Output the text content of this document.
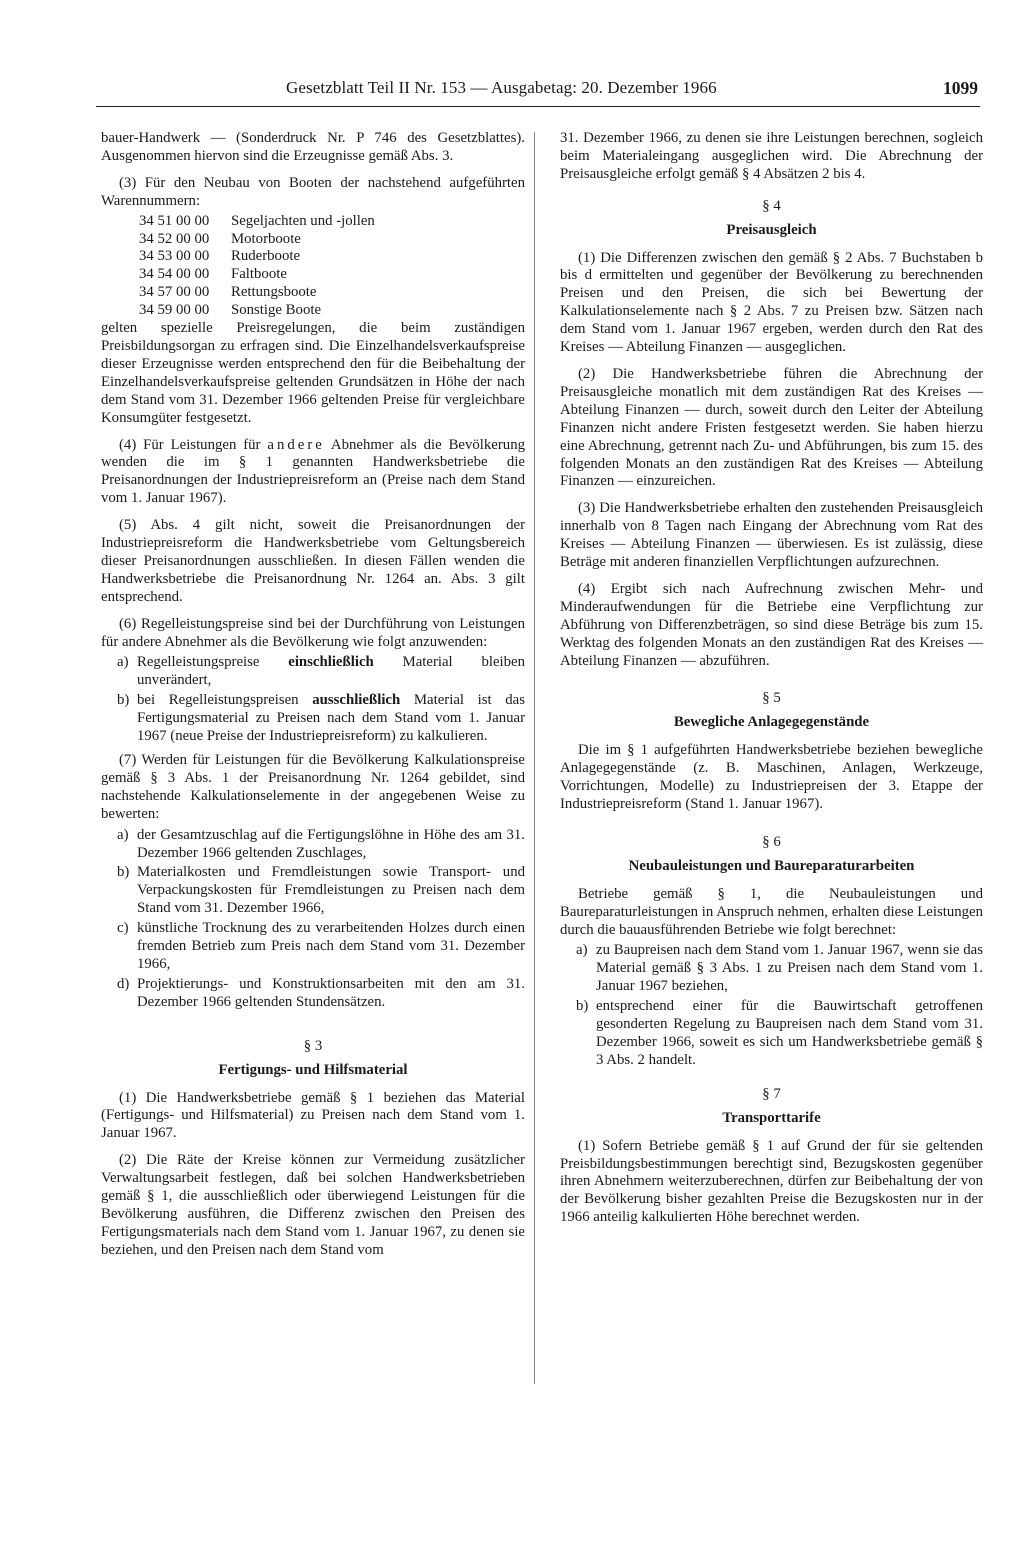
Gesetzblatt Teil II Nr. 153 — Ausgabetag: 20. Dezember 1966	1099

bauer-Handwerk — (Sonderdruck Nr. P 746 des Gesetzblattes). Ausgenommen hiervon sind die Erzeugnisse gemäß Abs. 3.

(3) Für den Neubau von Booten der nachstehend aufgeführten Warennummern:

34 51 00 00	Segeljachten und -jollen
34 52 00 00	Motorboote
34 53 00 00	Ruderboote
34 54 00 00	Faltboote
34 57 00 00	Rettungsboote
34 59 00 00	Sonstige Boote

gelten spezielle Preisregelungen, die beim zuständigen Preisbildungsorgan zu erfragen sind. Die Einzelhandelsverkaufspreise dieser Erzeugnisse werden entsprechend den für die Beibehaltung der Einzelhandelsverkaufspreise geltenden Grundsätzen in Höhe der nach dem Stand vom 31. Dezember 1966 geltenden Preise für vergleichbare Konsumgüter festgesetzt.

(4) Für Leistungen für andere Abnehmer als die Bevölkerung wenden die im § 1 genannten Handwerksbetriebe die Preisanordnungen der Industriepreisreform an (Preise nach dem Stand vom 1. Januar 1967).

(5) Abs. 4 gilt nicht, soweit die Preisanordnungen der Industriepreisreform die Handwerksbetriebe vom Geltungsbereich dieser Preisanordnungen ausschließen. In diesen Fällen wenden die Handwerksbetriebe die Preisanordnung Nr. 1264 an. Abs. 3 gilt entsprechend.

(6) Regelleistungspreise sind bei der Durchführung von Leistungen für andere Abnehmer als die Bevölkerung wie folgt anzuwenden:

a) Regelleistungspreise einschließlich Material bleiben unverändert,
b) bei Regelleistungspreisen ausschließlich Material ist das Fertigungsmaterial zu Preisen nach dem Stand vom 1. Januar 1967 (neue Preise der Industriepreisreform) zu kalkulieren.

(7) Werden für Leistungen für die Bevölkerung Kalkulationspreise gemäß § 3 Abs. 1 der Preisanordnung Nr. 1264 gebildet, sind nachstehende Kalkulationselemente in der angegebenen Weise zu bewerten:

a) der Gesamtzuschlag auf die Fertigungslöhne in Höhe des am 31. Dezember 1966 geltenden Zuschlages,
b) Materialkosten und Fremdleistungen sowie Transport- und Verpackungskosten für Fremdleistungen zu Preisen nach dem Stand vom 31. Dezember 1966,
c) künstliche Trocknung des zu verarbeitenden Holzes durch einen fremden Betrieb zum Preis nach dem Stand vom 31. Dezember 1966,
d) Projektierungs- und Konstruktionsarbeiten mit den am 31. Dezember 1966 geltenden Stundensätzen.
§ 3
Fertigungs- und Hilfsmaterial

(1) Die Handwerksbetriebe gemäß § 1 beziehen das Material (Fertigungs- und Hilfsmaterial) zu Preisen nach dem Stand vom 1. Januar 1967.

(2) Die Räte der Kreise können zur Vermeidung zusätzlicher Verwaltungsarbeit festlegen, daß bei solchen Handwerksbetrieben gemäß § 1, die ausschließlich oder überwiegend Leistungen für die Bevölkerung ausführen, die Differenz zwischen den Preisen des Fertigungsmaterials nach dem Stand vom 1. Januar 1967, zu denen sie beziehen, und den Preisen nach dem Stand vom

31. Dezember 1966, zu denen sie ihre Leistungen berechnen, sogleich beim Materialeingang ausgeglichen wird. Die Abrechnung der Preisausgleiche erfolgt gemäß § 4 Absätzen 2 bis 4.

§ 4
Preisausgleich

(1) Die Differenzen zwischen den gemäß § 2 Abs. 7 Buchstaben b bis d ermittelten und gegenüber der Bevölkerung zu berechnenden Preisen und den Preisen, die sich bei Bewertung der Kalkulationselemente nach § 2 Abs. 7 zu Preisen bzw. Sätzen nach dem Stand vom 1. Januar 1967 ergeben, werden durch den Rat des Kreises — Abteilung Finanzen — ausgeglichen.

(2) Die Handwerksbetriebe führen die Abrechnung der Preisausgleiche monatlich mit dem zuständigen Rat des Kreises — Abteilung Finanzen — durch, soweit durch den Leiter der Abteilung Finanzen nicht andere Fristen festgesetzt werden. Sie haben hierzu eine Abrechnung, getrennt nach Zu- und Abführungen, bis zum 15. des folgenden Monats an den zuständigen Rat des Kreises — Abteilung Finanzen — einzureichen.

(3) Die Handwerksbetriebe erhalten den zustehenden Preisausgleich innerhalb von 8 Tagen nach Eingang der Abrechnung vom Rat des Kreises — Abteilung Finanzen — überwiesen. Es ist zulässig, diese Beträge mit anderen finanziellen Verpflichtungen aufzurechnen.

(4) Ergibt sich nach Aufrechnung zwischen Mehr- und Minderaufwendungen für die Betriebe eine Verpflichtung zur Abführung von Differenzbeträgen, so sind diese Beträge bis zum 15. Werktag des folgenden Monats an den zuständigen Rat des Kreises — Abteilung Finanzen — abzuführen.

§ 5
Bewegliche Anlagegegenstände

Die im § 1 aufgeführten Handwerksbetriebe beziehen bewegliche Anlagegegenstände (z. B. Maschinen, Anlagen, Werkzeuge, Vorrichtungen, Modelle) zu Industriepreisen der 3. Etappe der Industriepreisreform (Stand 1. Januar 1967).

§ 6
Neubauleistungen und Baureparaturarbeiten

Betriebe gemäß § 1, die Neubauleistungen und Baureparaturleistungen in Anspruch nehmen, erhalten diese Leistungen durch die bauausführenden Betriebe wie folgt berechnet:

a) zu Baupreisen nach dem Stand vom 1. Januar 1967, wenn sie das Material gemäß § 3 Abs. 1 zu Preisen nach dem Stand vom 1. Januar 1967 beziehen,
b) entsprechend einer für die Bauwirtschaft getroffenen gesonderten Regelung zu Baupreisen nach dem Stand vom 31. Dezember 1966, soweit es sich um Handwerksbetriebe gemäß § 3 Abs. 2 handelt.
§ 7
Transporttarife

(1) Sofern Betriebe gemäß § 1 auf Grund der für sie geltenden Preisbildungsbestimmungen berechtigt sind, Bezugskosten gegenüber ihren Abnehmern weiterzuberechnen, dürfen zur Beibehaltung der von der Bevölkerung bisher gezahlten Preise die Bezugskosten nur in der 1966 anteilig kalkulierten Höhe berechnet werden.
